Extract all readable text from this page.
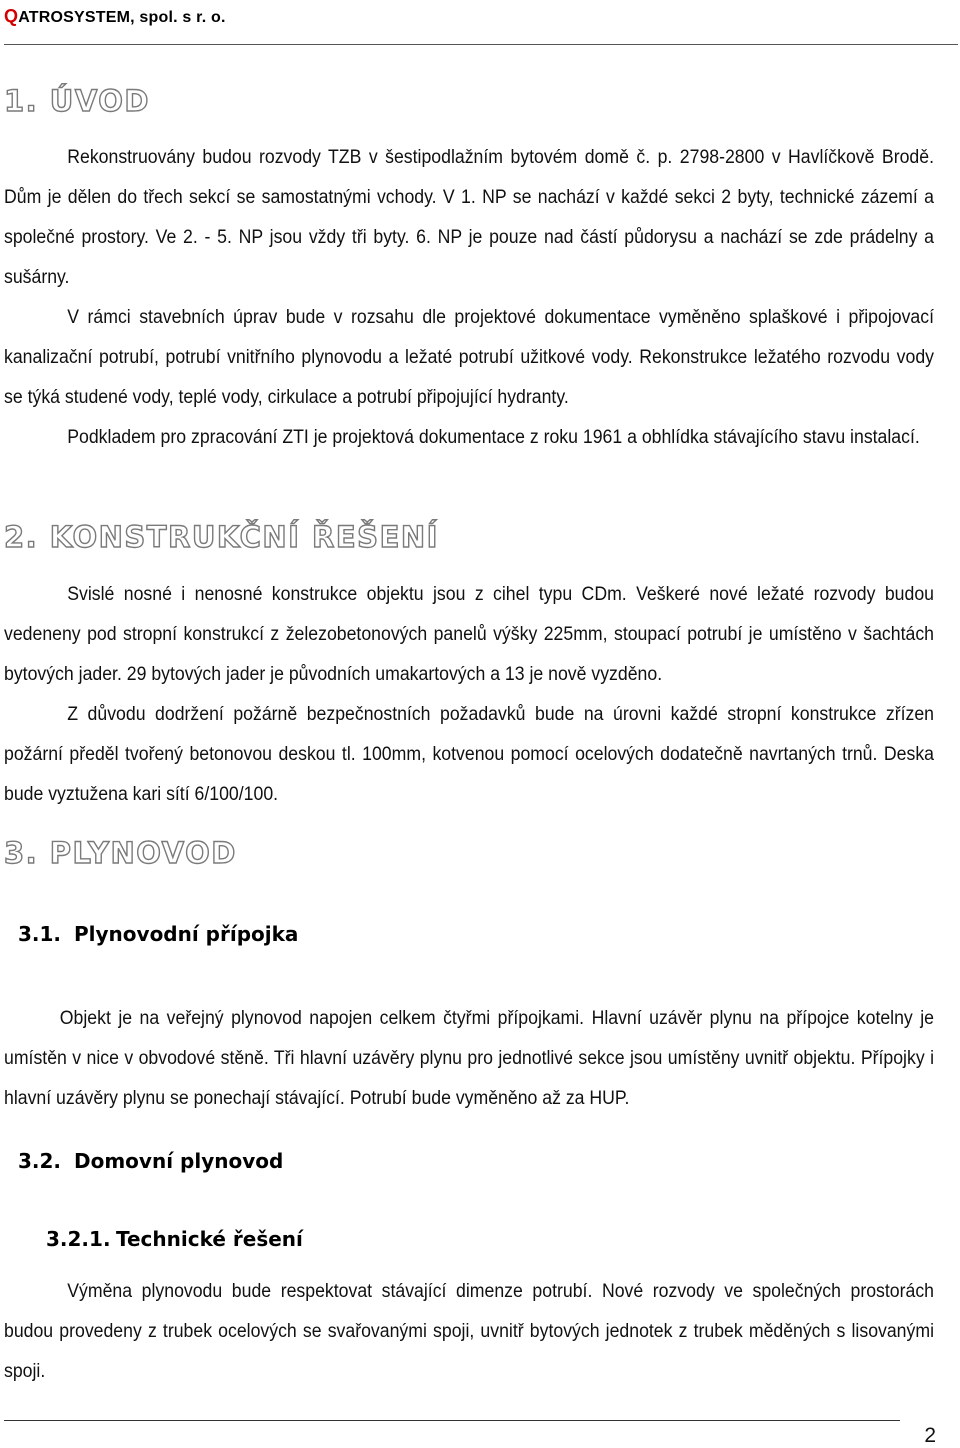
QATROSYSTEM, spol. s r. o.
1. ÚVOD
Rekonstruovány budou rozvody TZB v šestipodlažním bytovém domě č. p. 2798-2800 v Havlíčkově Brodě. Dům je dělen do třech sekcí se samostatnými vchody. V 1. NP se nachází v každé sekci 2 byty, technické zázemí a společné prostory. Ve 2. - 5. NP jsou vždy tři byty. 6. NP je pouze nad částí půdorysu a nachází se zde prádelny a sušárny.
V rámci stavebních úprav bude v rozsahu dle projektové dokumentace vyměněno splaškové i připojovací kanalizační potrubí, potrubí vnitřního plynovodu a ležaté potrubí užitkové vody. Rekonstrukce ležatého rozvodu vody se týká studené vody, teplé vody, cirkulace a potrubí připojující hydranty.
Podkladem pro zpracování ZTI je projektová dokumentace z roku 1961 a obhlídka stávajícího stavu instalací.
2. KONSTRUKČNÍ ŘEŠENÍ
Svislé nosné i nenosné konstrukce objektu jsou z cihel typu CDm. Veškeré nové ležaté rozvody budou vedeneny pod stropní konstrukcí z železobetonových panelů výšky 225mm, stoupací potrubí je umístěno v šachtách bytových jader. 29 bytových jader je původních umakartových a 13 je nově vyzděno.
Z důvodu dodržení požárně bezpečnostních požadavků bude na úrovni každé stropní konstrukce zřízen požární předěl tvořený betonovou deskou tl. 100mm, kotvenou pomocí ocelových dodatečně navrtaných trnů. Deska bude vyztužena kari sítí 6/100/100.
3. PLYNOVOD
3.1. Plynovodní přípojka
Objekt je na veřejný plynovod napojen celkem čtyřmi přípojkami. Hlavní uzávěr plynu na přípojce kotelny je umístěn v nice v obvodové stěně. Tři hlavní uzávěry plynu pro jednotlivé sekce jsou umístěny uvnitř objektu. Přípojky i hlavní uzávěry plynu se ponechají stávající. Potrubí bude vyměněno až za HUP.
3.2. Domovní plynovod
3.2.1. Technické řešení
Výměna plynovodu bude respektovat stávající dimenze potrubí. Nové rozvody ve společných prostorách budou provedeny z trubek ocelových se svařovanými spoji, uvnitř bytových jednotek z trubek měděných s lisovanými spoji.
2
